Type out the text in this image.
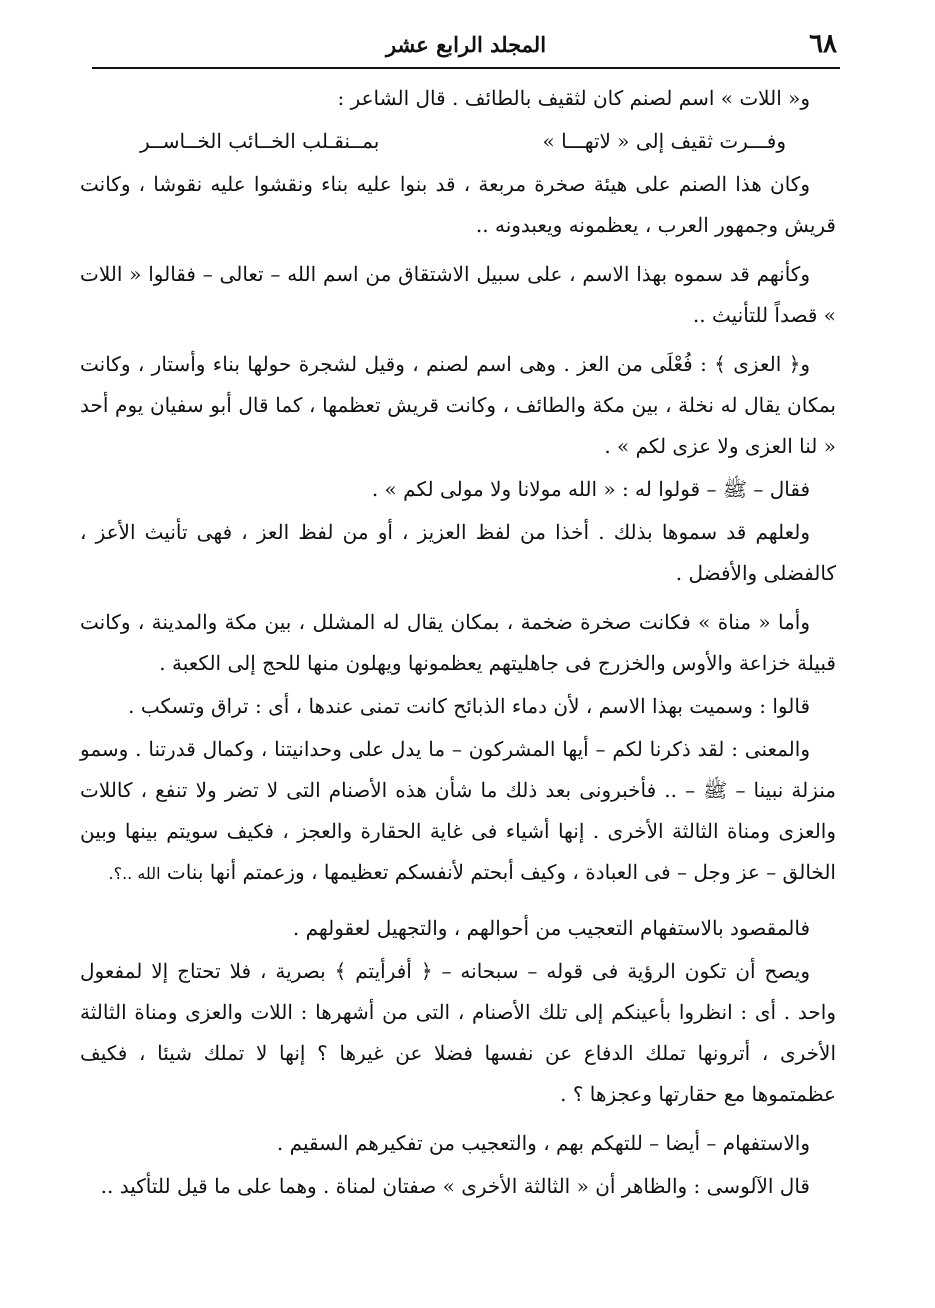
٦٨
المجلد الرابع عشر

و« اللات » اسم لصنم كان لثقيف بالطائف . قال الشاعر :

وفـــرت ثقيف إلى « لاتهـــا »
بمــنقـلب الخــائب الخــاســر

وكان هذا الصنم على هيئة صخرة مربعة ، قد بنوا عليه بناء ونقشوا عليه نقوشا ، وكانت قريش وجمهور العرب ، يعظمونه ويعبدونه ..

وكأنهم قد سموه بهذا الاسم ، على سبيل الاشتقاق من اسم الله – تعالى – فقالوا « اللات » قصداً للتأنيث ..

و﴿ العزى ﴾ : فُعْلَى من العز . وهى اسم لصنم ، وقيل لشجرة حولها بناء وأستار ، وكانت بمكان يقال له نخلة ، بين مكة والطائف ، وكانت قريش تعظمها ، كما قال أبو سفيان يوم أحد « لنا العزى ولا عزى لكم » .

فقال – ﷺ – قولوا له : « الله مولانا ولا مولى لكم » .

ولعلهم قد سموها بذلك . أخذا من لفظ العزيز ، أو من لفظ العز ، فهى تأنيث الأعز ، كالفضلى والأفضل .

وأما « مناة » فكانت صخرة ضخمة ، بمكان يقال له المشلل ، بين مكة والمدينة ، وكانت قبيلة خزاعة والأوس والخزرج فى جاهليتهم يعظمونها ويهلون منها للحج إلى الكعبة .

قالوا : وسميت بهذا الاسم ، لأن دماء الذبائح كانت تمنى عندها ، أى : تراق وتسكب .

والمعنى : لقد ذكرنا لكم – أيها المشركون – ما يدل على وحدانيتنا ، وكمال قدرتنا . وسمو منزلة نبينا – ﷺ – .. فأخبرونى بعد ذلك ما شأن هذه الأصنام التى لا تضر ولا تنفع ، كاللات والعزى ومناة الثالثة الأخرى . إنها أشياء فى غاية الحقارة والعجز ، فكيف سويتم بينها وبين الخالق – عز وجل – فى العبادة ، وكيف أبحتم لأنفسكم تعظيمها ، وزعمتم أنها بنات الله ..؟.

فالمقصود بالاستفهام التعجيب من أحوالهم ، والتجهيل لعقولهم .

ويصح أن تكون الرؤية فى قوله – سبحانه – ﴿ أفرأيتم ﴾ بصرية ، فلا تحتاج إلا لمفعول واحد . أى : انظروا بأعينكم إلى تلك الأصنام ، التى من أشهرها : اللات والعزى ومناة الثالثة الأخرى ، أترونها تملك الدفاع عن نفسها فضلا عن غيرها ؟ إنها لا تملك شيئا ، فكيف عظمتموها مع حقارتها وعجزها ؟ .

والاستفهام – أيضا – للتهكم بهم ، والتعجيب من تفكيرهم السقيم .

قال الآلوسى : والظاهر أن « الثالثة الأخرى » صفتان لمناة . وهما على ما قيل للتأكيد ..
